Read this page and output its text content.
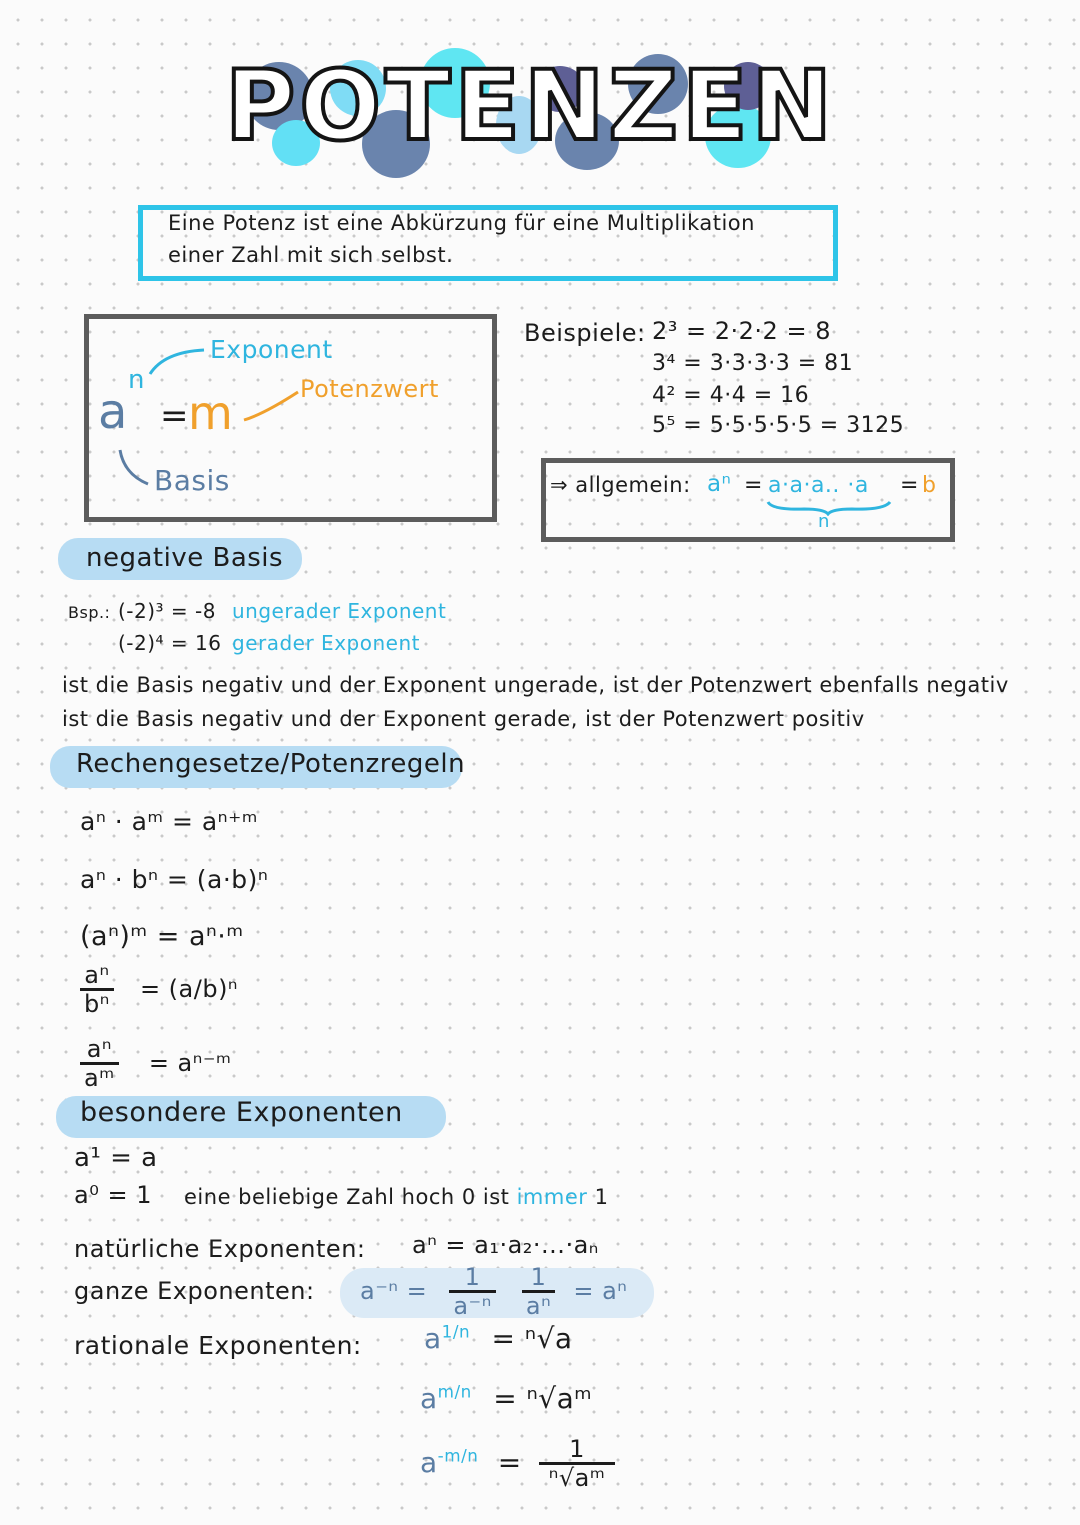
POTENZEN
Eine Potenz ist eine Abkürzung für eine Multiplikation
einer Zahl mit sich selbst.
a
n
= m
Exponent
Potenzwert
Basis
Beispiele: 2³ = 2·2·2 = 8
3⁴ = 3·3·3·3 = 81
4² = 4·4 = 16
5⁵ = 5·5·5·5·5 = 3125
⇒ allgemein: aⁿ = a·a·a.. ·a = b
n
negative Basis
Bsp.: (-2)³ = -8 ungerader Exponent
(-2)⁴ = 16 gerader Exponent
ist die Basis negativ und der Exponent ungerade, ist der Potenzwert ebenfalls negativ
ist die Basis negativ und der Exponent gerade, ist der Potenzwert positiv
Rechengesetze/Potenzregeln
aⁿ · aᵐ = aⁿ⁺ᵐ
aⁿ · bⁿ = (a·b)ⁿ
(aⁿ)ᵐ = aⁿ·ᵐ
$\frac{\text{aⁿ}}{\text{bⁿ}} = (a/b)^n$
$\frac{\text{aⁿ}}{\text{aᵐ}}$ = aⁿ⁻ᵐ
besondere Exponenten
a¹ = a
a⁰ = 1 eine beliebige Zahl hoch 0 ist immer 1
natürliche Exponenten: aⁿ = a₁·a₂·...·aₙ
ganze Exponenten: $a^{-n} = \frac{1}{\text{a⁻ⁿ}}$
$\frac{1}{\text{aⁿ}} = a^n$
rationale Exponenten: $a^{1/n} = ^n√a$
$a^{m/n}$ = ⁿ√aᵐ
$a^{-m/n} = \frac{1}{\text{ⁿ√aᵐ}}$
